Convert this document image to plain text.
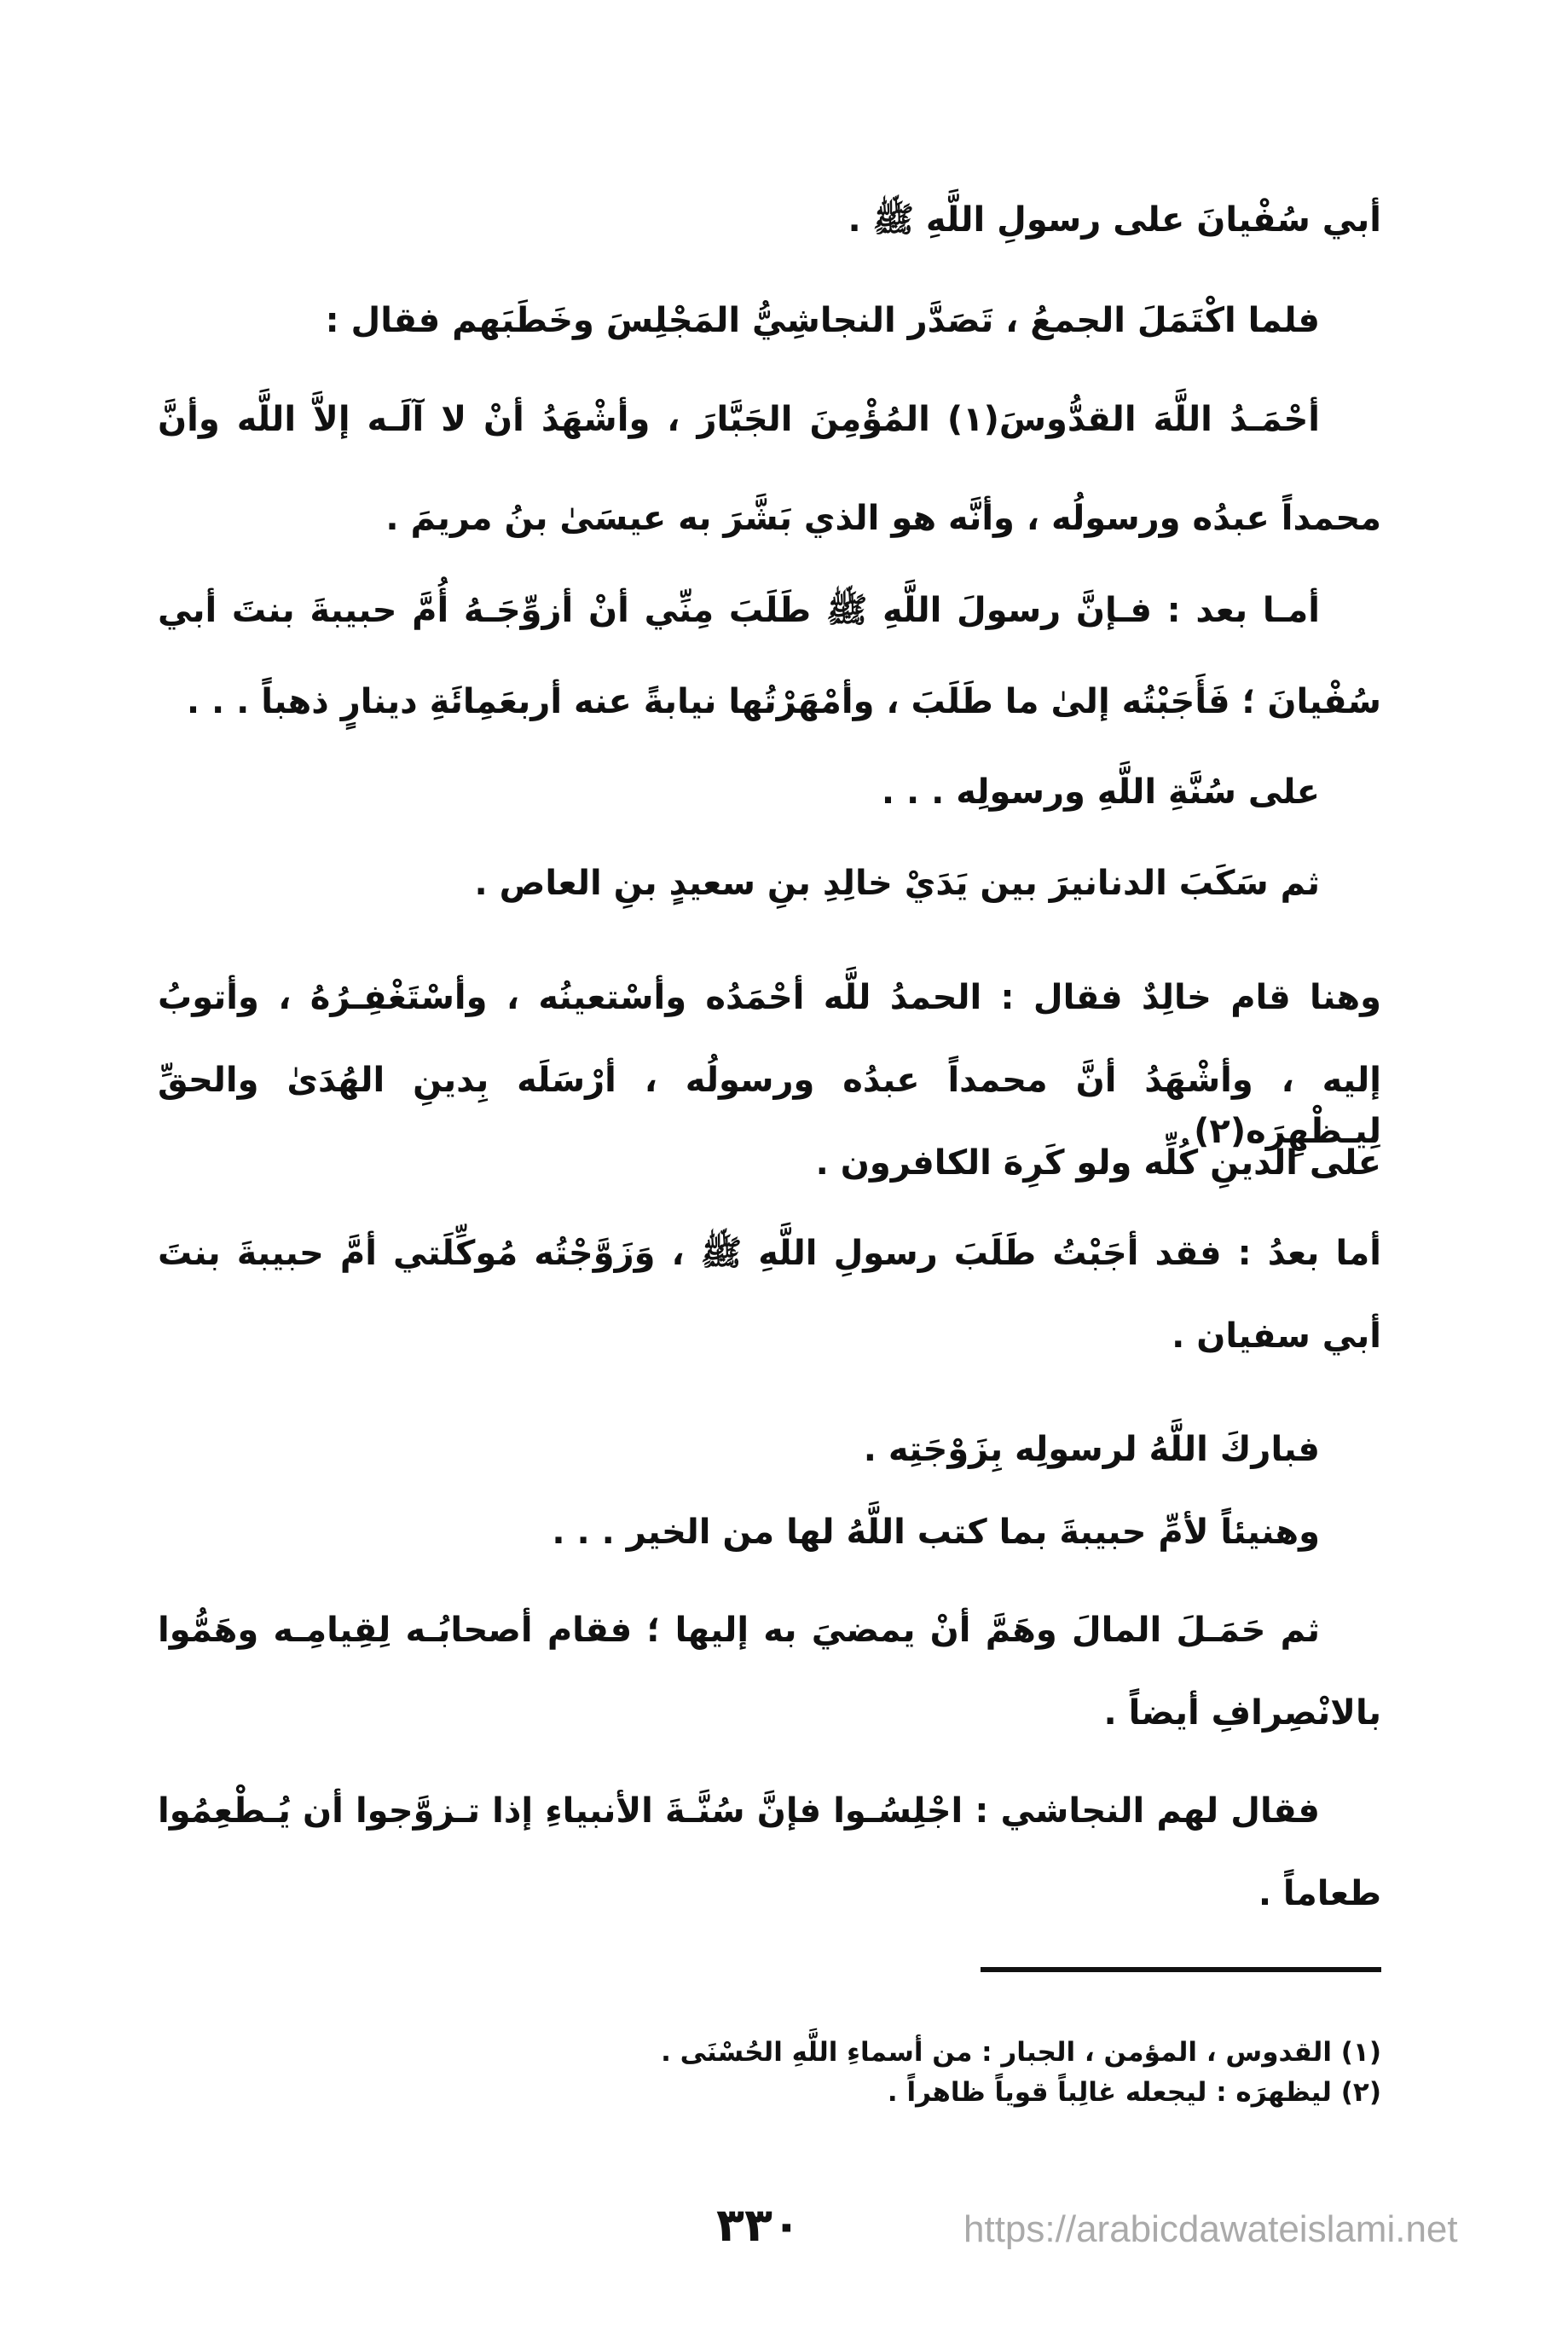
أبي سُفْيانَ على رسولِ اللَّهِ ﷺ .
فلما اكْتَمَلَ الجمعُ ، تَصَدَّر النجاشِيُّ المَجْلِسَ وخَطَبَهم فقال :
أحْمَـدُ اللَّهَ القدُّوسَ(١) المُؤْمِنَ الجَبَّارَ ، وأشْهَدُ أنْ لا آلَـه إلاَّ اللَّه وأنَّ
محمداً عبدُه ورسولُه ، وأنَّه هو الذي بَشَّرَ به عيسَىٰ بنُ مريمَ .
أمـا بعد : فـإنَّ رسولَ اللَّهِ ﷺ طَلَبَ مِنِّي أنْ أزوِّجَـهُ أُمَّ حبيبةَ بنتَ أبي
سُفْيانَ ؛ فَأَجَبْتُه إلىٰ ما طَلَبَ ، وأمْهَرْتُها نيابةً عنه أربعَمِائَةِ دينارٍ ذهباً . . .
على سُنَّةِ اللَّهِ ورسولِه . . .
ثم سَكَبَ الدنانيرَ بين يَدَيْ خالِدِ بنِ سعيدٍ بنِ العاص .
وهنا قام خالِدٌ فقال : الحمدُ للَّه أحْمَدُه وأسْتعينُه ، وأسْتَغْفِـرُهُ ، وأتوبُ
إليه ، وأشْهَدُ أنَّ محمداً عبدُه ورسولُه ، أرْسَلَه بِدينِ الهُدَىٰ والحقِّ لِيـظْهِرَه(٢)
على الدينِ كُلِّه ولو كَرِهَ الكافرون .
أما بعدُ : فقد أجَبْتُ طَلَبَ رسولِ اللَّهِ ﷺ ، وَزَوَّجْتُه مُوكِّلَتي أمَّ حبيبةَ بنتَ
أبي سفيان .
فباركَ اللَّهُ لرسولِه بِزَوْجَتِه .
وهنيئاً لأمِّ حبيبةَ بما كتب اللَّهُ لها من الخير . . .
ثم حَمَـلَ المالَ وهَمَّ أنْ يمضيَ به إليها ؛ فقام أصحابُـه لِقِيامِـه وهَمُّوا
بالانْصِرافِ أيضاً .
فقال لهم النجاشي : اجْلِسُـوا فإنَّ سُنَّـةَ الأنبياءِ إذا تـزوَّجوا أن يُـطْعِمُوا
طعاماً .
(١) القدوس ، المؤمن ، الجبار : من أسماءِ اللَّهِ الحُسْنَى .
(٢) ليظهرَه : ليجعله غالِباً قوياً ظاهراً .
٣٣٠	https://arabicdawateislami.net
